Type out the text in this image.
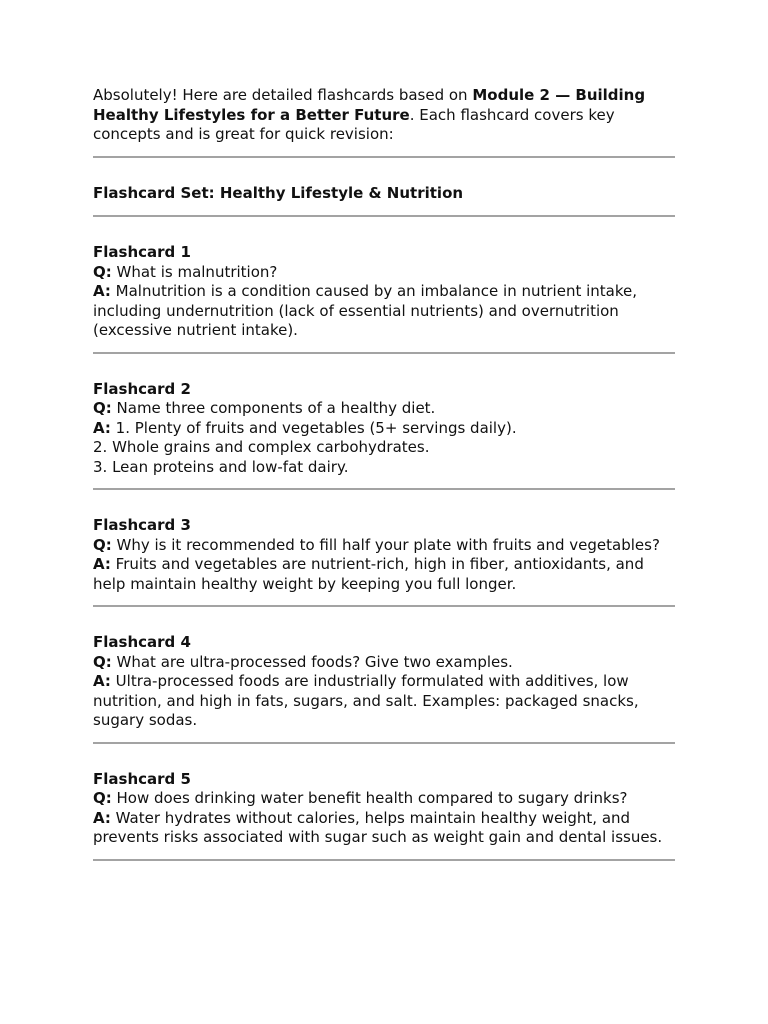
Absolutely! Here are detailed flashcards based on Module 2 — Building Healthy Lifestyles for a Better Future. Each flashcard covers key concepts and is great for quick revision:

Flashcard Set: Healthy Lifestyle & Nutrition

Flashcard 1

Q: What is malnutrition?

A: Malnutrition is a condition caused by an imbalance in nutrient intake, including undernutrition (lack of essential nutrients) and overnutrition (excessive nutrient intake).

Flashcard 2

Q: Name three components of a healthy diet.

A: 1. Plenty of fruits and vegetables (5+ servings daily).

2. Whole grains and complex carbohydrates.

3. Lean proteins and low-fat dairy.

Flashcard 3

Q: Why is it recommended to fill half your plate with fruits and vegetables?

A: Fruits and vegetables are nutrient-rich, high in fiber, antioxidants, and help maintain healthy weight by keeping you full longer.

Flashcard 4

Q: What are ultra-processed foods? Give two examples.

A: Ultra-processed foods are industrially formulated with additives, low nutrition, and high in fats, sugars, and salt. Examples: packaged snacks, sugary sodas.

Flashcard 5

Q: How does drinking water benefit health compared to sugary drinks?

A: Water hydrates without calories, helps maintain healthy weight, and prevents risks associated with sugar such as weight gain and dental issues.
